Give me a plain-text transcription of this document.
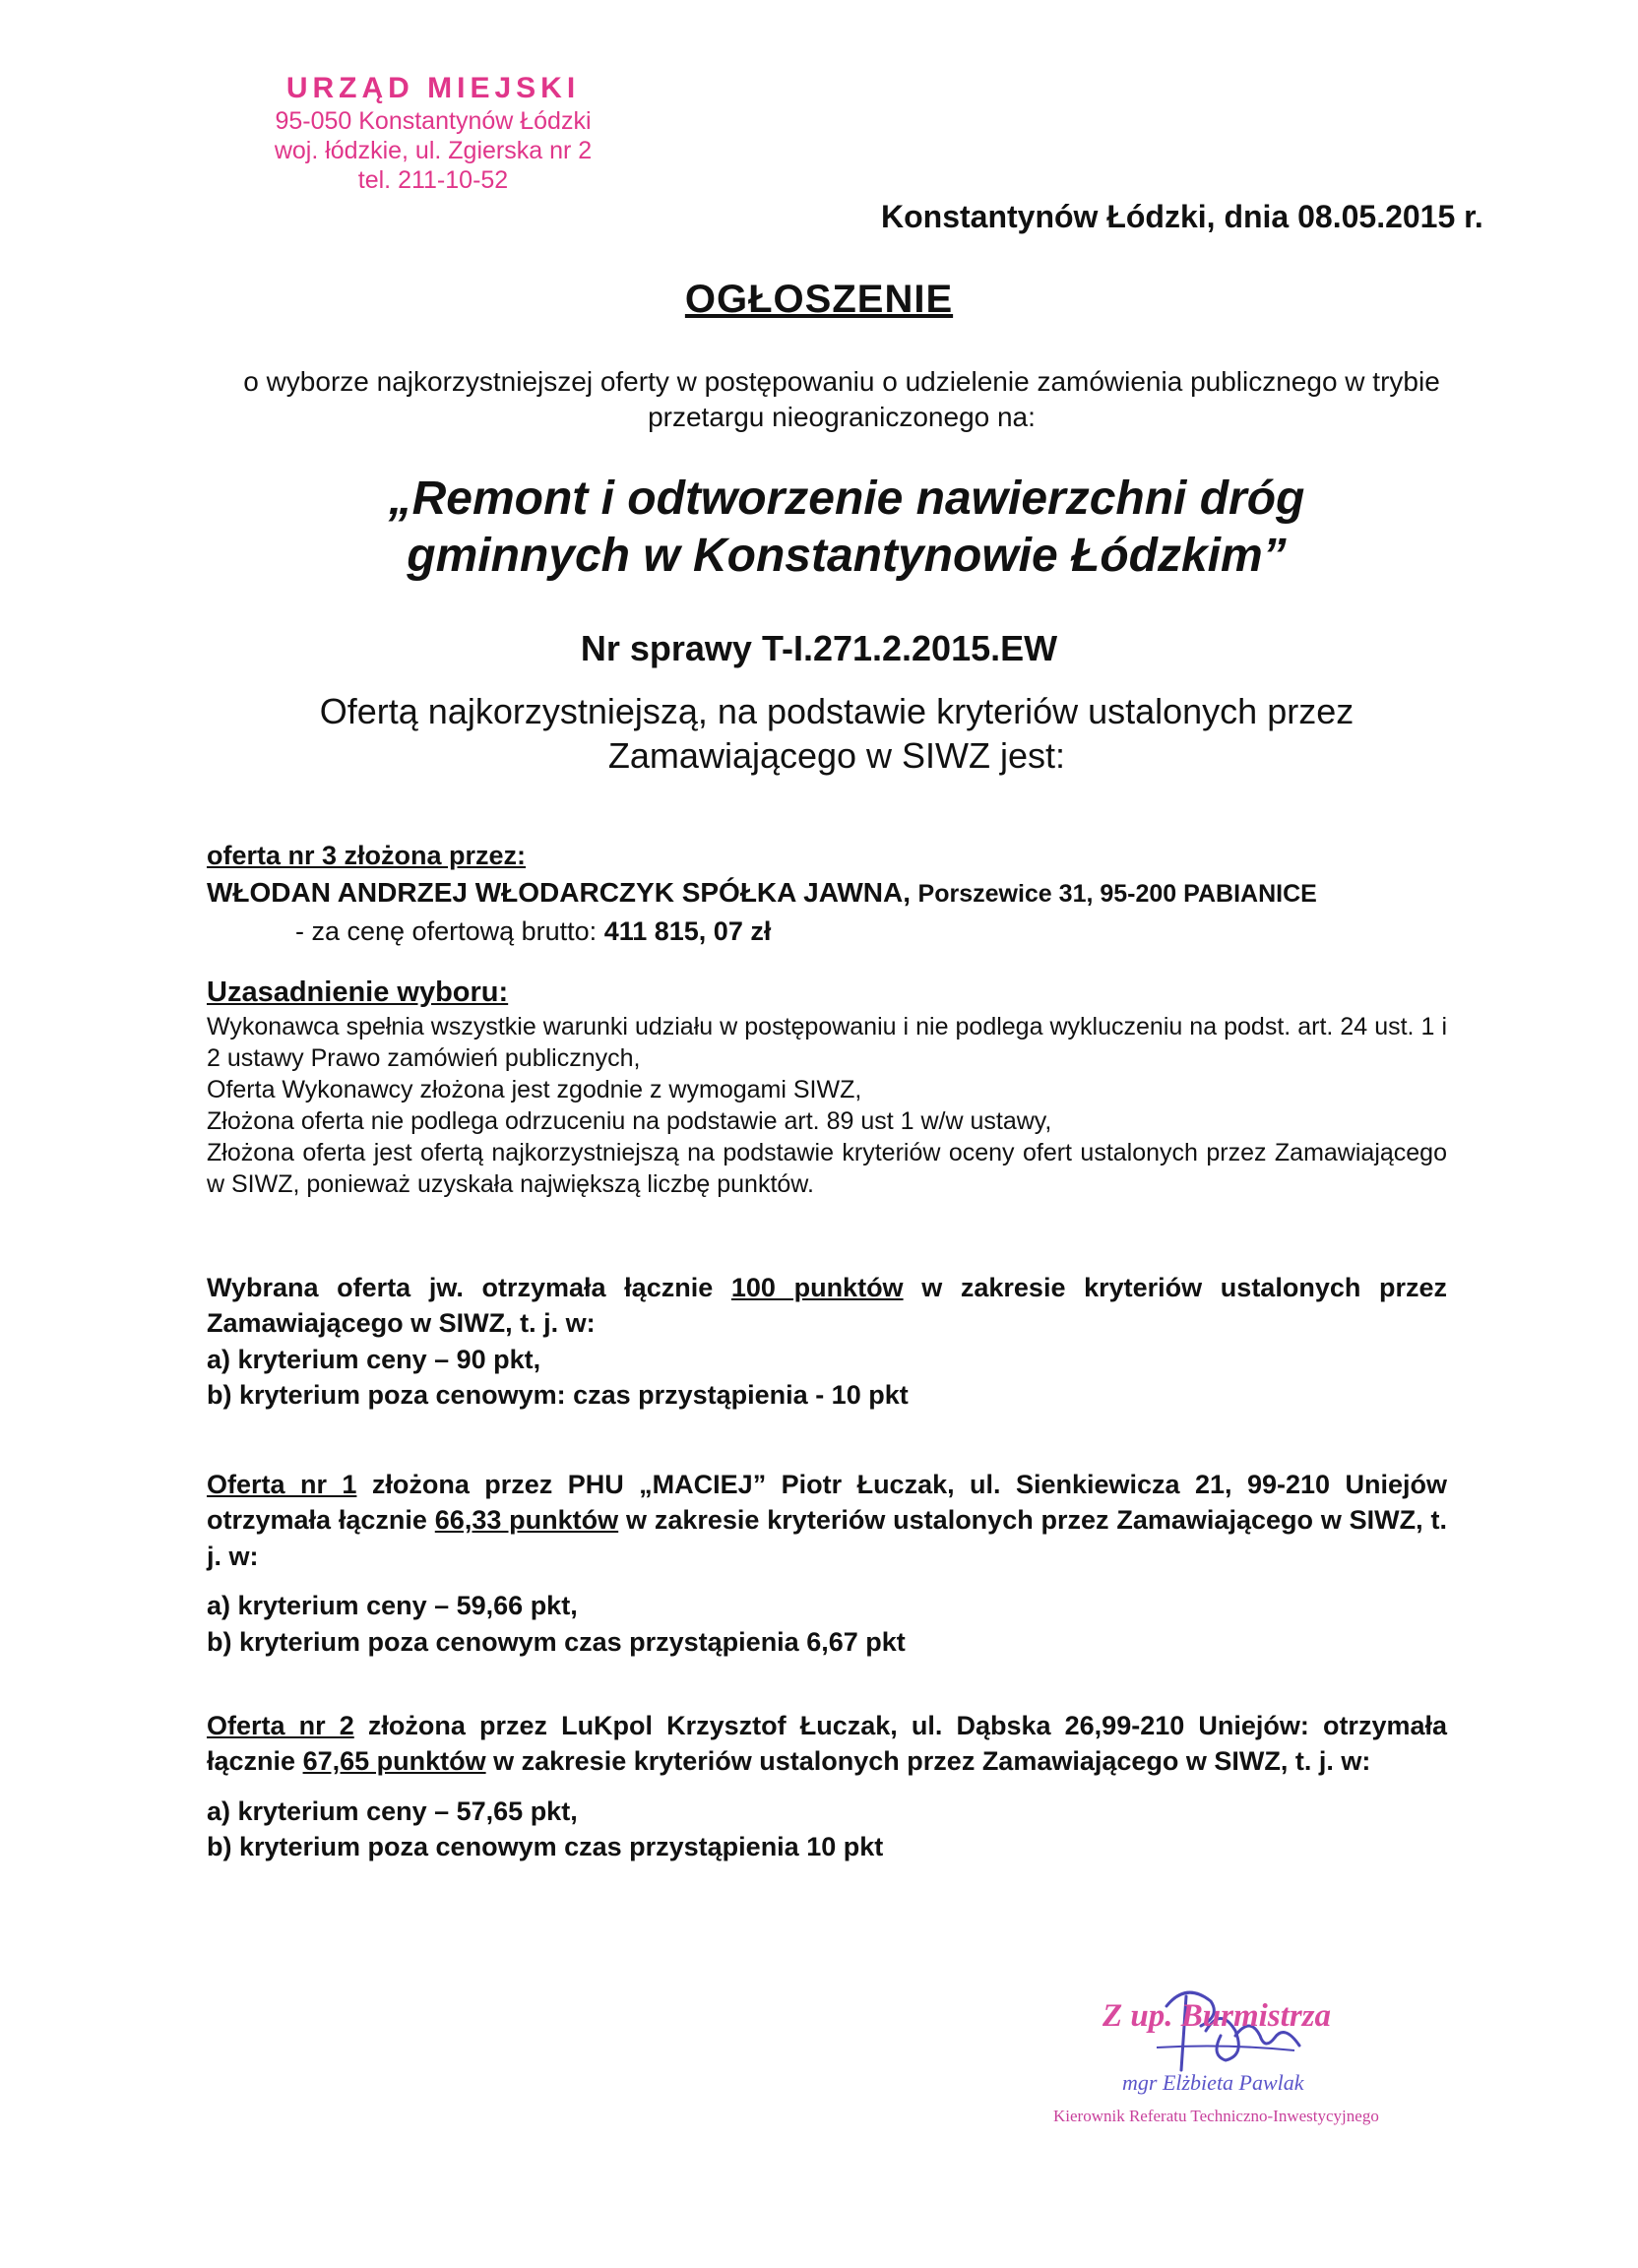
URZĄD MIEJSKI
95-050 Konstantynów Łódzki
woj. łódzkie, ul. Zgierska nr 2
tel. 211-10-52
Konstantynów Łódzki, dnia 08.05.2015 r.
OGŁOSZENIE
o wyborze najkorzystniejszej oferty w postępowaniu o udzielenie zamówienia publicznego w trybie przetargu nieograniczonego na:
„Remont i odtworzenie nawierzchni dróg
gminnych w Konstantynowie Łódzkim”
Nr sprawy T-I.271.2.2015.EW
Ofertą najkorzystniejszą, na podstawie kryteriów ustalonych przez Zamawiającego w SIWZ jest:
oferta nr 3 złożona przez:
WŁODAN ANDRZEJ WŁODARCZYK SPÓŁKA JAWNA, Porszewice 31, 95-200 PABIANICE
- za cenę ofertową brutto: 411 815, 07 zł
Uzasadnienie wyboru:
Wykonawca spełnia wszystkie warunki udziału w postępowaniu i nie podlega wykluczeniu na podst. art. 24 ust. 1 i 2 ustawy Prawo zamówień publicznych,
Oferta Wykonawcy złożona jest zgodnie z wymogami SIWZ,
Złożona oferta nie podlega odrzuceniu na podstawie art. 89 ust 1 w/w ustawy,
Złożona oferta jest ofertą najkorzystniejszą na podstawie kryteriów oceny ofert ustalonych przez Zamawiającego w SIWZ, ponieważ uzyskała największą liczbę punktów.
Wybrana oferta jw. otrzymała łącznie 100 punktów w zakresie kryteriów ustalonych przez Zamawiającego w SIWZ, t. j. w:
a) kryterium ceny – 90 pkt,
b) kryterium poza cenowym: czas przystąpienia - 10 pkt
Oferta nr 1 złożona przez PHU „MACIEJ” Piotr Łuczak, ul. Sienkiewicza 21, 99-210 Uniejów otrzymała łącznie 66,33 punktów w zakresie kryteriów ustalonych przez Zamawiającego w SIWZ, t. j. w:
a) kryterium ceny – 59,66 pkt,
b) kryterium poza cenowym czas przystąpienia 6,67 pkt
Oferta nr 2 złożona przez LuKpol Krzysztof Łuczak, ul. Dąbska 26,99-210 Uniejów: otrzymała łącznie 67,65 punktów w zakresie kryteriów ustalonych przez Zamawiającego w SIWZ, t. j. w:
a) kryterium ceny – 57,65 pkt,
b) kryterium poza cenowym czas przystąpienia 10 pkt
Z up. Burmistrza
mgr Elżbieta Pawlak
Kierownik Referatu Techniczno-Inwestycyjnego
